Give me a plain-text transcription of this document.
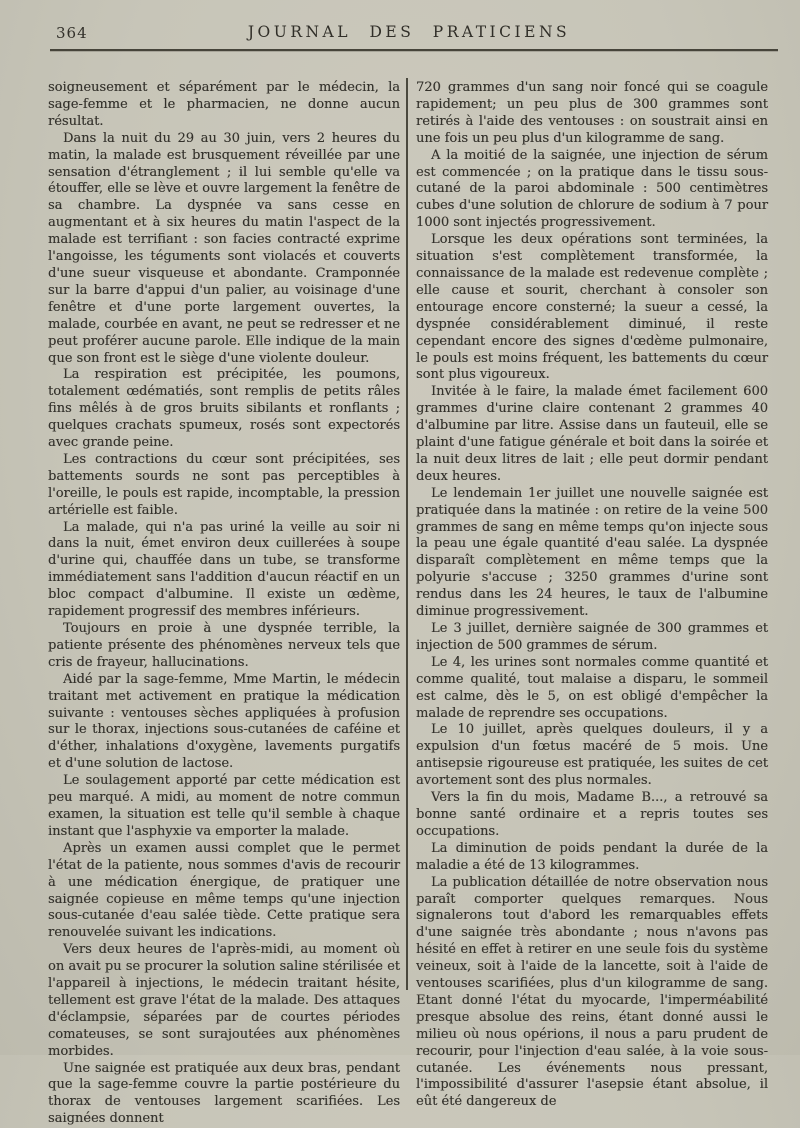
364	JOURNAL DES PRATICIENS

soigneusement et séparément par le médecin, la sage-femme et le pharmacien, ne donne aucun résultat.

Dans la nuit du 29 au 30 juin, vers 2 heures du matin, la malade est brusquement réveillée par une sensation d'étranglement ; il lui semble qu'elle va étouffer, elle se lève et ouvre largement la fenêtre de sa chambre. La dyspnée va sans cesse en augmentant et à six heures du matin l'aspect de la malade est terrifiant : son facies contracté exprime l'angoisse, les téguments sont violacés et couverts d'une sueur visqueuse et abondante. Cramponnée sur la barre d'appui d'un palier, au voisinage d'une fenêtre et d'une porte largement ouvertes, la malade, courbée en avant, ne peut se redresser et ne peut proférer aucune parole. Elle indique de la main que son front est le siège d'une violente douleur.

La respiration est précipitée, les poumons, totalement œdématiés, sont remplis de petits râles fins mêlés à de gros bruits sibilants et ronflants ; quelques crachats spumeux, rosés sont expectorés avec grande peine.

Les contractions du cœur sont précipitées, ses battements sourds ne sont pas perceptibles à l'oreille, le pouls est rapide, incomptable, la pression artérielle est faible.

La malade, qui n'a pas uriné la veille au soir ni dans la nuit, émet environ deux cuillerées à soupe d'urine qui, chauffée dans un tube, se transforme immédiatement sans l'addition d'aucun réactif en un bloc compact d'albumine. Il existe un œdème, rapidement progressif des membres inférieurs.

Toujours en proie à une dyspnée terrible, la patiente présente des phénomènes nerveux tels que cris de frayeur, hallucinations.

Aidé par la sage-femme, Mme Martin, le médecin traitant met activement en pratique la médication suivante : ventouses sèches appliquées à profusion sur le thorax, injections sous-cutanées de caféine et d'éther, inhalations d'oxygène, lavements purgatifs et d'une solution de lactose.

Le soulagement apporté par cette médication est peu marqué. A midi, au moment de notre commun examen, la situation est telle qu'il semble à chaque instant que l'asphyxie va emporter la malade.

Après un examen aussi complet que le permet l'état de la patiente, nous sommes d'avis de recourir à une médication énergique, de pratiquer une saignée copieuse en même temps qu'une injection sous-cutanée d'eau salée tiède. Cette pratique sera renouvelée suivant les indications.

Vers deux heures de l'après-midi, au moment où on avait pu se procurer la solution saline stérilisée et l'appareil à injections, le médecin traitant hésite, tellement est grave l'état de la malade. Des attaques d'éclampsie, séparées par de courtes périodes comateuses, se sont surajoutées aux phénomènes morbides.

Une saignée est pratiquée aux deux bras, pendant que la sage-femme couvre la partie postérieure du thorax de ventouses largement scarifiées. Les saignées donnent

720 grammes d'un sang noir foncé qui se coagule rapidement; un peu plus de 300 grammes sont retirés à l'aide des ventouses : on soustrait ainsi en une fois un peu plus d'un kilogramme de sang.

A la moitié de la saignée, une injection de sérum est commencée ; on la pratique dans le tissu sous-cutané de la paroi abdominale : 500 centimètres cubes d'une solution de chlorure de sodium à 7 pour 1000 sont injectés progressivement.

Lorsque les deux opérations sont terminées, la situation s'est complètement transformée, la connaissance de la malade est redevenue complète ; elle cause et sourit, cherchant à consoler son entourage encore consterné; la sueur a cessé, la dyspnée considérablement diminué, il reste cependant encore des signes d'œdème pulmonaire, le pouls est moins fréquent, les battements du cœur sont plus vigoureux.

Invitée à le faire, la malade émet facilement 600 grammes d'urine claire contenant 2 grammes 40 d'albumine par litre. Assise dans un fauteuil, elle se plaint d'une fatigue générale et boit dans la soirée et la nuit deux litres de lait ; elle peut dormir pendant deux heures.

Le lendemain 1er juillet une nouvelle saignée est pratiquée dans la matinée : on retire de la veine 500 grammes de sang en même temps qu'on injecte sous la peau une égale quantité d'eau salée. La dyspnée disparaît complètement en même temps que la polyurie s'accuse ; 3250 grammes d'urine sont rendus dans les 24 heures, le taux de l'albumine diminue progressivement.

Le 3 juillet, dernière saignée de 300 grammes et injection de 500 grammes de sérum.

Le 4, les urines sont normales comme quantité et comme qualité, tout malaise a disparu, le sommeil est calme, dès le 5, on est obligé d'empêcher la malade de reprendre ses occupations.

Le 10 juillet, après quelques douleurs, il y a expulsion d'un fœtus macéré de 5 mois. Une antisepsie rigoureuse est pratiquée, les suites de cet avortement sont des plus normales.

Vers la fin du mois, Madame B..., a retrouvé sa bonne santé ordinaire et a repris toutes ses occupations.

La diminution de poids pendant la durée de la maladie a été de 13 kilogrammes.

La publication détaillée de notre observation nous paraît comporter quelques remarques. Nous signalerons tout d'abord les remarquables effets d'une saignée très abondante ; nous n'avons pas hésité en effet à retirer en une seule fois du système veineux, soit à l'aide de la lancette, soit à l'aide de ventouses scarifiées, plus d'un kilogramme de sang. Etant donné l'état du myocarde, l'imperméabilité presque absolue des reins, étant donné aussi le milieu où nous opérions, il nous a paru prudent de recourir, pour l'injection d'eau salée, à la voie sous-cutanée. Les événements nous pressant, l'impossibilité d'assurer l'asepsie étant absolue, il eût été dangereux de
